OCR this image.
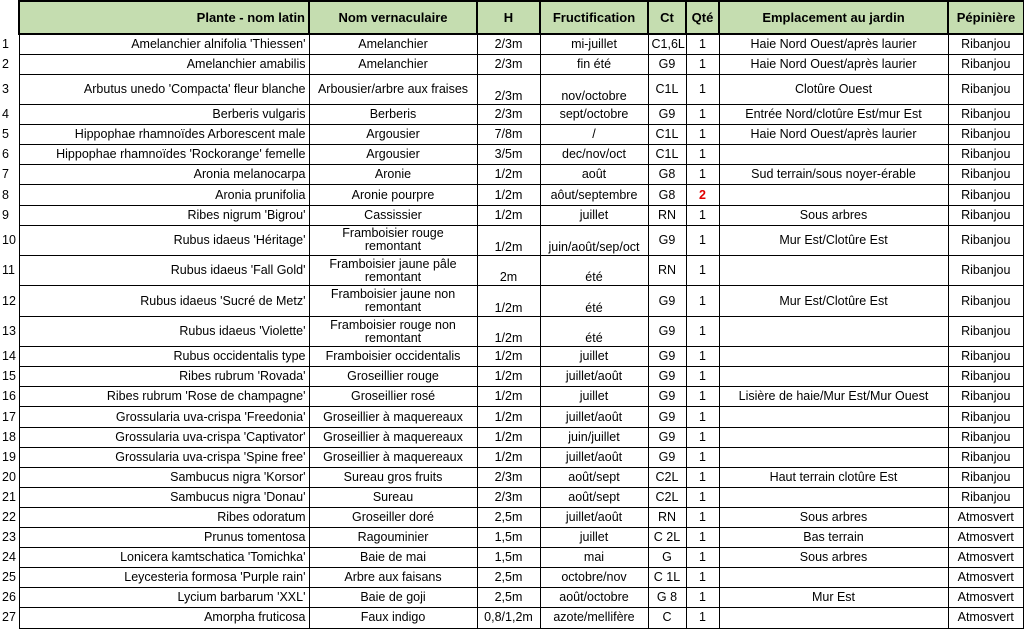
	Plante - nom latin	Nom vernaculaire	H	Fructification	Ct	Qté	Emplacement au jardin	Pépinière
1	Amelanchier alnifolia 'Thiessen'	Amelanchier	2/3m	mi-juillet	C1,6L	1	Haie Nord Ouest/après laurier	Ribanjou
2	Amelanchier amabilis	Amelanchier	2/3m	fin été	G9	1	Haie Nord Ouest/après laurier	Ribanjou
3	Arbutus unedo 'Compacta' fleur blanche	Arbousier/arbre aux fraises	2/3m	nov/octobre	C1L	1	Clotûre Ouest	Ribanjou
4	Berberis vulgaris	Berberis	2/3m	sept/octobre	G9	1	Entrée Nord/clotûre Est/mur Est	Ribanjou
5	Hippophae rhamnoïdes Arborescent male	Argousier	7/8m	/	C1L	1	Haie Nord Ouest/après laurier	Ribanjou
6	Hippophae rhamnoïdes 'Rockorange' femelle	Argousier	3/5m	dec/nov/oct	C1L	1		Ribanjou
7	Aronia melanocarpa	Aronie	1/2m	août	G8	1	Sud terrain/sous noyer-érable	Ribanjou
8	Aronia prunifolia	Aronie pourpre	1/2m	aôut/septembre	G8	2		Ribanjou
9	Ribes nigrum 'Bigrou'	Cassissier	1/2m	juillet	RN	1	Sous arbres	Ribanjou
10	Rubus idaeus 'Héritage'	Framboisier rouge remontant	1/2m	juin/août/sep/oct	G9	1	Mur Est/Clotûre Est	Ribanjou
11	Rubus idaeus 'Fall Gold'	Framboisier jaune pâle remontant	2m	été	RN	1		Ribanjou
12	Rubus idaeus 'Sucré de Metz'	Framboisier jaune non remontant	1/2m	été	G9	1	Mur Est/Clotûre Est	Ribanjou
13	Rubus idaeus 'Violette'	Framboisier rouge non remontant	1/2m	été	G9	1		Ribanjou
14	Rubus occidentalis type	Framboisier occidentalis	1/2m	juillet	G9	1		Ribanjou
15	Ribes rubrum 'Rovada'	Groseillier rouge	1/2m	juillet/août	G9	1		Ribanjou
16	Ribes rubrum 'Rose de champagne'	Groseillier rosé	1/2m	juillet	G9	1	Lisière de haie/Mur Est/Mur Ouest	Ribanjou
17	Grossularia uva-crispa 'Freedonia'	Groseillier à maquereaux	1/2m	juillet/août	G9	1		Ribanjou
18	Grossularia uva-crispa 'Captivator'	Groseillier à maquereaux	1/2m	juin/juillet	G9	1		Ribanjou
19	Grossularia uva-crispa 'Spine free'	Groseillier à maquereaux	1/2m	juillet/août	G9	1		Ribanjou
20	Sambucus nigra 'Korsor'	Sureau gros fruits	2/3m	août/sept	C2L	1	Haut terrain clotûre Est	Ribanjou
21	Sambucus nigra 'Donau'	Sureau	2/3m	août/sept	C2L	1		Ribanjou
22	Ribes odoratum	Groseiller doré	2,5m	juillet/août	RN	1	Sous arbres	Atmosvert
23	Prunus tomentosa	Ragouminier	1,5m	juillet	C 2L	1	Bas terrain	Atmosvert
24	Lonicera kamtschatica 'Tomichka'	Baie de mai	1,5m	mai	G	1	Sous arbres	Atmosvert
25	Leycesteria formosa 'Purple rain'	Arbre aux faisans	2,5m	octobre/nov	C 1L	1		Atmosvert
26	Lycium barbarum 'XXL'	Baie de goji	2,5m	août/octobre	G 8	1	Mur Est	Atmosvert
27	Amorpha fruticosa	Faux indigo	0,8/1,2m	azote/mellifère	C	1		Atmosvert
